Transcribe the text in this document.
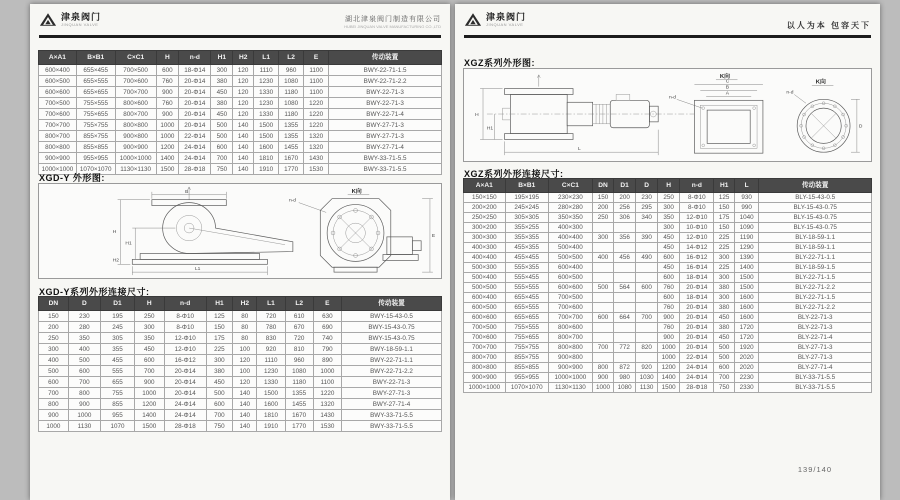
津泉阀门
JINQUAN VALVE
湖北津泉阀门制造有限公司
HUBEI JINQUAN VALVE MANUFACTURING CO.,LTD
A×A1	B×B1	C×C1	H	n-d	H1	H2	L1	L2	E	传动装置
600×400	655×455	700×500	600	18-Φ14	300	120	1110	960	1100	BWY-22-71-1.5
600×500	655×555	700×600	760	20-Φ14	380	120	1230	1080	1100	BWY-22-71-2.2
600×600	655×655	700×700	900	20-Φ14	450	120	1330	1180	1100	BWY-22-71-3
700×500	755×555	800×600	760	20-Φ14	380	120	1230	1080	1220	BWY-22-71-3
700×600	755×655	800×700	900	20-Φ14	450	120	1330	1180	1220	BWY-22-71-4
700×700	755×755	800×800	1000	20-Φ14	500	140	1500	1355	1220	BWY-27-71-3
800×700	855×755	900×800	1000	22-Φ14	500	140	1500	1355	1320	BWY-27-71-3
800×800	855×855	900×900	1200	24-Φ14	600	140	1600	1455	1320	BWY-27-71-4
900×900	955×955	1000×1000	1400	24-Φ14	700	140	1810	1670	1430	BWY-33-71-5.5
1000×1000	1070×1070	1130×1130	1500	28-Φ18	750	140	1910	1770	1530	BWY-33-71-5.5
XGD-Y 外形图:
B
H
H1
H2
L1
K向
n-d
E
XGD-Y系列外形连接尺寸:
DN	D	D1	H	n-d	H1	H2	L1	L2	E	传动装置
150	230	195	250	8-Φ10	125	80	720	610	630	BWY-15-43-0.5
200	280	245	300	8-Φ10	150	80	780	670	690	BWY-15-43-0.75
250	350	305	350	12-Φ10	175	80	830	720	740	BWY-15-43-0.75
300	400	355	450	12-Φ10	225	100	920	810	790	BWY-18-59-1.1
400	500	455	600	16-Φ12	300	120	1110	960	890	BWY-22-71-1.1
500	600	555	700	20-Φ14	380	100	1230	1080	1000	BWY-22-71-2.2
600	700	655	900	20-Φ14	450	120	1330	1180	1100	BWY-22-71-3
700	800	755	1000	20-Φ14	500	140	1500	1355	1220	BWY-27-71-3
800	900	855	1200	24-Φ14	600	140	1600	1455	1320	BWY-27-71-4
900	1000	955	1400	24-Φ14	700	140	1810	1670	1430	BWY-33-71-5.5
1000	1130	1070	1500	28-Φ18	750	140	1910	1770	1530	BWY-33-71-5.5
津泉阀门
JINQUAN VALVE	以人为本 包容天下
XGZ系列外形图:
H
H1
L
K向
C
B
A
n-d
K向
n-d
D
XGZ系列外形连接尺寸:
A×A1	B×B1	C×C1	DN	D1	D	H	n-d	H1	L	传动装置
150×150	195×195	230×230	150	200	230	250	8-Φ10	125	930	BLY-15-43-0.5
200×200	245×245	280×280	200	256	295	300	8-Φ10	150	990	BLY-15-43-0.75
250×250	305×305	350×350	250	306	340	350	12-Φ10	175	1040	BLY-15-43-0.75
300×200	355×255	400×300				300	10-Φ10	150	1090	BLY-15-43-0.75
300×300	355×355	400×400	300	356	390	450	12-Φ10	225	1190	BLY-18-59-1.1
400×300	455×355	500×400				450	14-Φ12	225	1290	BLY-18-59-1.1
400×400	455×455	500×500	400	456	490	600	16-Φ12	300	1390	BLY-22-71-1.1
500×300	555×355	600×400				450	16-Φ14	225	1400	BLY-18-59-1.5
500×400	555×455	600×500				600	18-Φ14	300	1500	BLY-22-71-1.5
500×500	555×555	600×600	500	564	600	760	20-Φ14	380	1500	BLY-22-71-2.2
600×400	655×455	700×500				600	18-Φ14	300	1600	BLY-22-71-1.5
600×500	655×555	700×600				760	20-Φ14	380	1600	BLY-22-71-2.2
600×600	655×655	700×700	600	664	700	900	20-Φ14	450	1600	BLY-22-71-3
700×500	755×555	800×600				760	20-Φ14	380	1720	BLY-22-71-3
700×600	755×655	800×700				900	20-Φ14	450	1720	BLY-22-71-4
700×700	755×755	800×800	700	772	820	1000	20-Φ14	500	1920	BLY-27-71-3
800×700	855×755	900×800				1000	22-Φ14	500	2020	BLY-27-71-3
800×800	855×855	900×900	800	872	920	1200	24-Φ14	600	2020	BLY-27-71-4
900×900	955×955	1000×1000	900	980	1030	1400	24-Φ14	700	2230	BLY-33-71-5.5
1000×1000	1070×1070	1130×1130	1000	1080	1130	1500	28-Φ18	750	2330	BLY-33-71-5.5
139/140
